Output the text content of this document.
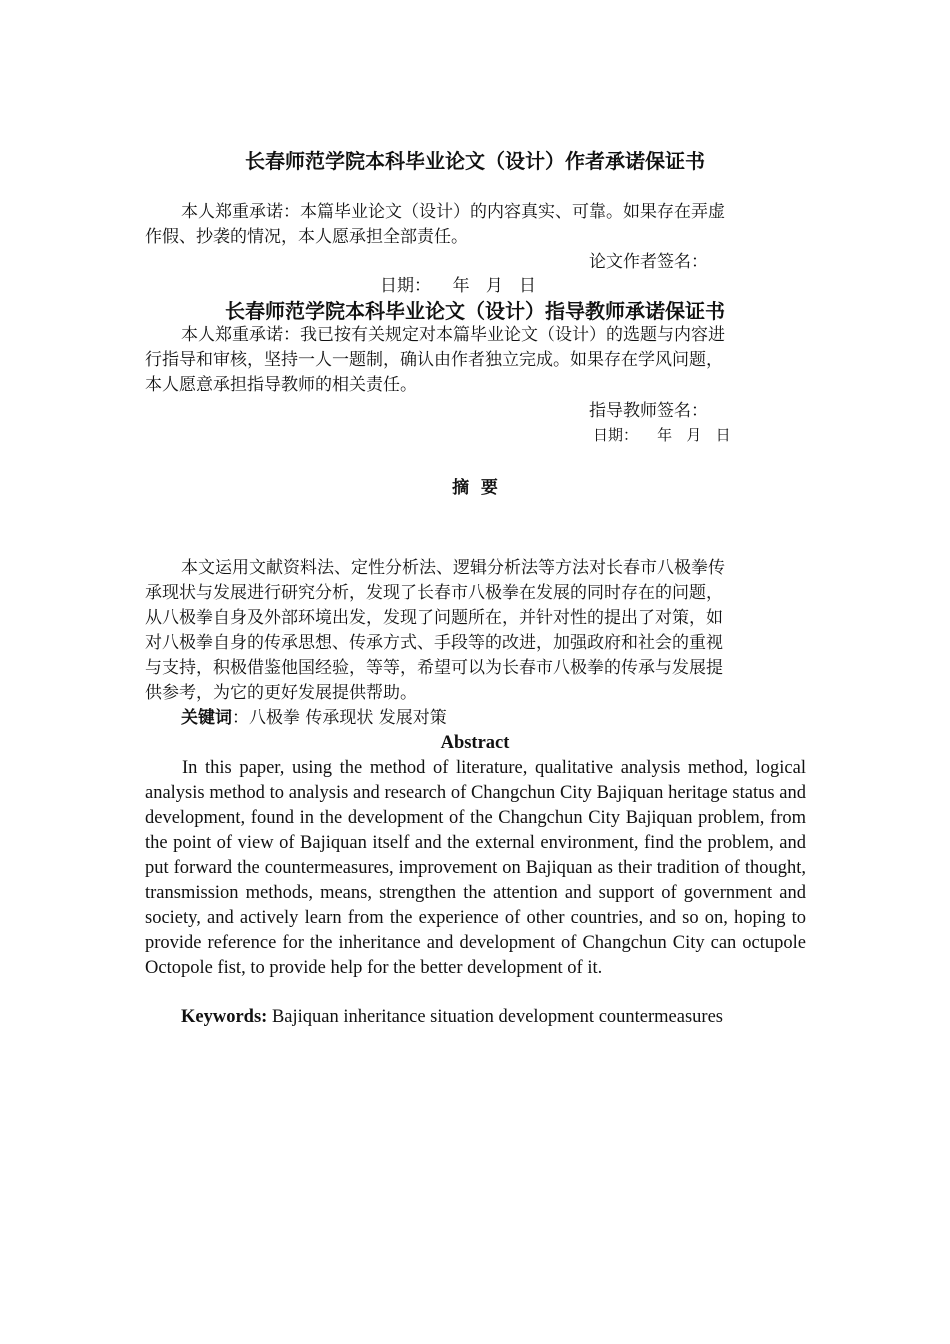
长春师范学院本科毕业论文（设计）作者承诺保证书
本人郑重承诺：本篇毕业论文（设计）的内容真实、可靠。如果存在弄虚
作假、抄袭的情况，本人愿承担全部责任。
论文作者签名：
日期：    年   月   日
长春师范学院本科毕业论文（设计）指导教师承诺保证书
本人郑重承诺：我已按有关规定对本篇毕业论文（设计）的选题与内容进
行指导和审核，坚持一人一题制，确认由作者独立完成。如果存在学风问题，
本人愿意承担指导教师的相关责任。
指导教师签名：
日期：    年   月   日
摘  要
本文运用文献资料法、定性分析法、逻辑分析法等方法对长春市八极拳传
承现状与发展进行研究分析，发现了长春市八极拳在发展的同时存在的问题，
从八极拳自身及外部环境出发，发现了问题所在，并针对性的提出了对策，如
对八极拳自身的传承思想、传承方式、手段等的改进，加强政府和社会的重视
与支持，积极借鉴他国经验，等等，希望可以为长春市八极拳的传承与发展提
供参考，为它的更好发展提供帮助。
关键词：八极拳 传承现状 发展对策
Abstract
In this paper, using the method of literature, qualitative analysis method, logical analysis method to analysis and research of Changchun City Bajiquan heritage status and development, found in the development of the Changchun City Bajiquan problem, from the point of view of Bajiquan itself and the external environment, find the problem, and put forward the countermeasures, improvement on Bajiquan as their tradition of thought, transmission methods, means, strengthen the attention and support of government and society, and actively learn from the experience of other countries, and so on, hoping to provide reference for the inheritance and development of Changchun City can octupole Octopole fist, to provide help for the better development of it.
Keywords: Bajiquan inheritance situation development countermeasures
